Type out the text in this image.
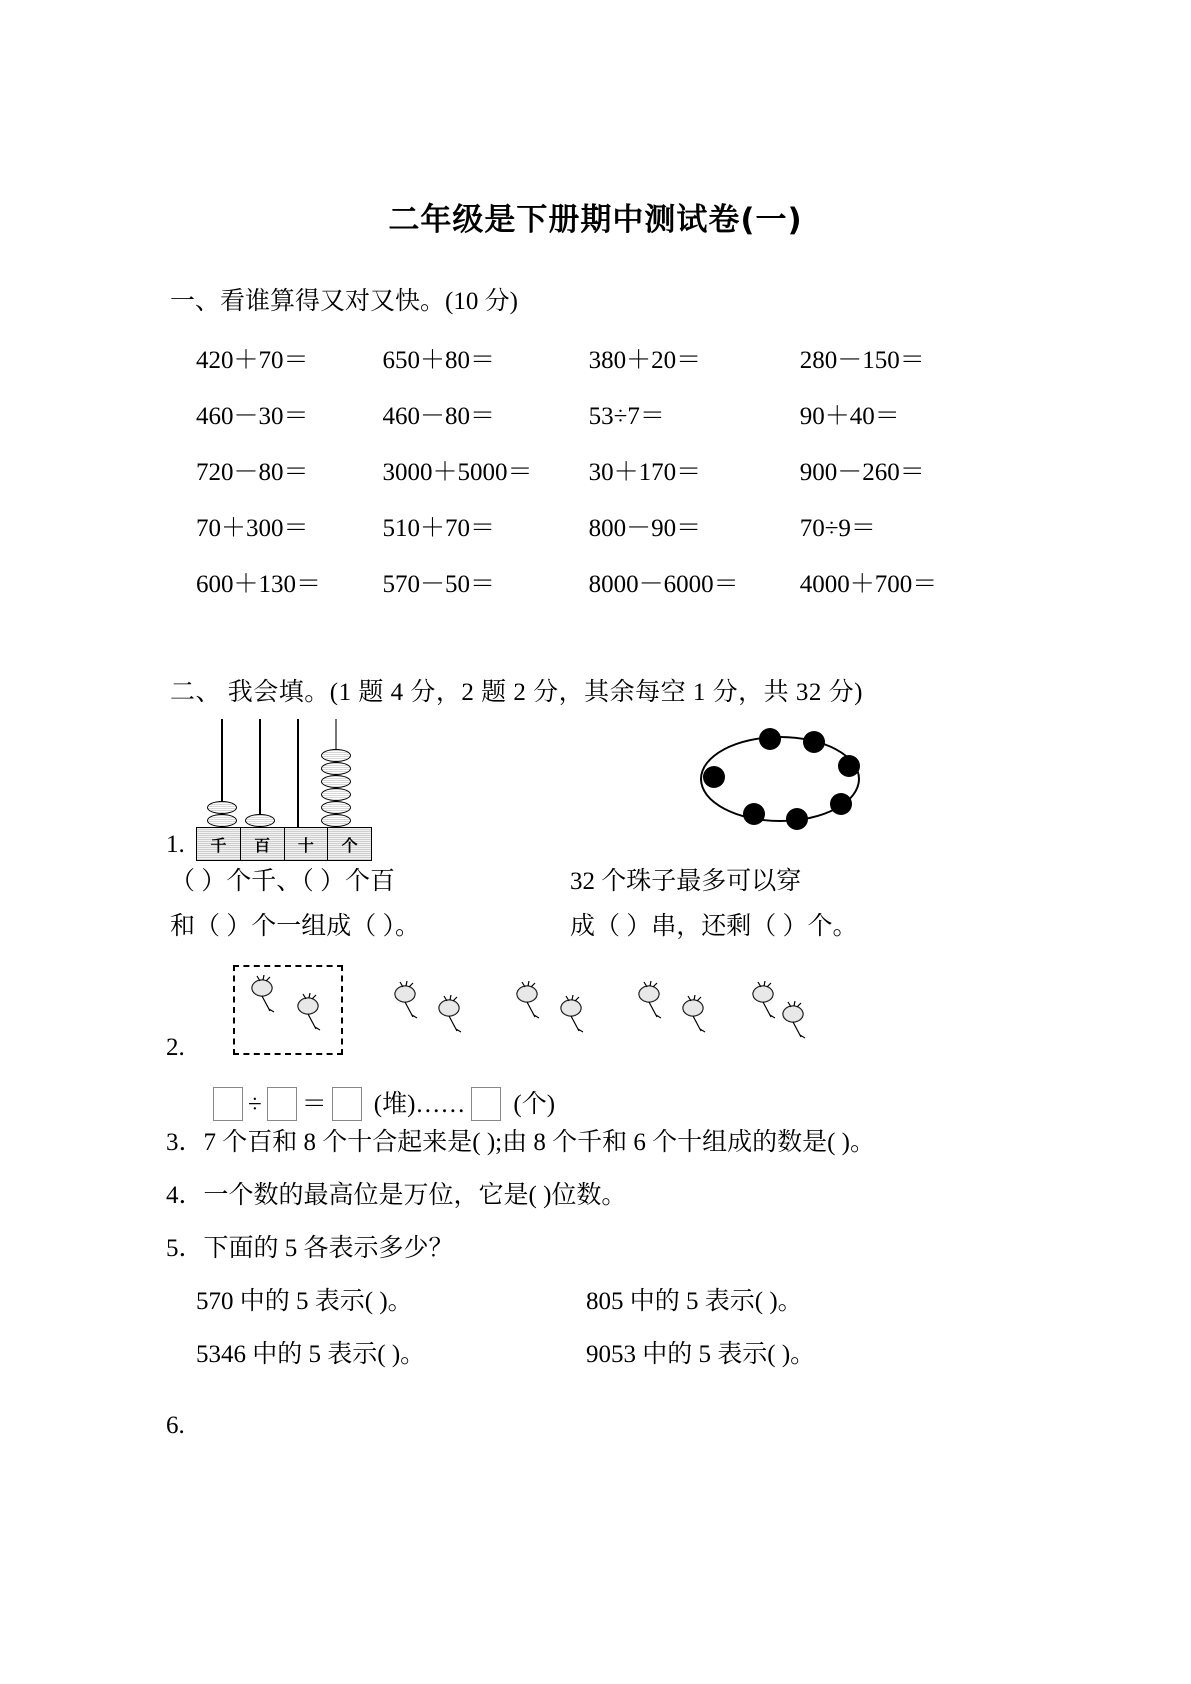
二年级是下册期中测试卷(一)
一、看谁算得又对又快。(10 分)
420＋70＝	650＋80＝	380＋20＝	280－150＝
460－30＝	460－80＝	53÷7＝	90＋40＝
720－80＝	3000＋5000＝	30＋170＝	900－260＝
70＋300＝	510＋70＝	800－90＝	70÷9＝
600＋130＝	570－50＝	8000－6000＝	4000＋700＝
二、 我会填。(1 题 4 分，2 题 2 分，其余每空 1 分，共 32 分)
千	百	十	个
1.
（ ）个千、（ ）个百	32 个珠子最多可以穿
和（ ）个一组成（ ）。	成（ ）串，还剩（ ）个。
2.
÷ ＝ (堆)…… (个)
3．7 个百和 8 个十合起来是( );由 8 个千和 6 个十组成的数是( )。
4．一个数的最高位是万位，它是( )位数。
5．下面的 5 各表示多少？
570 中的 5 表示( )。	805 中的 5 表示( )。
5346 中的 5 表示( )。	9053 中的 5 表示( )。
6.
